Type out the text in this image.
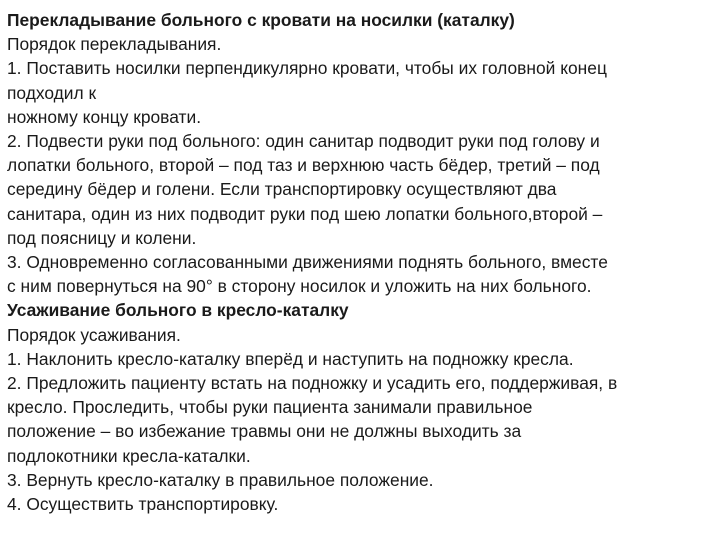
Перекладывание больного с кровати на носилки (каталку)
Порядок перекладывания.
1. Поставить носилки перпендикулярно кровати, чтобы их головной конец
подходил к
ножному концу кровати.
2. Подвести руки под больного: один санитар подводит руки под голову и
лопатки больного, второй – под таз и верхнюю часть бёдер, третий – под
середину бёдер и голени. Если транспортировку осуществляют два
санитара, один из них подводит руки под шею лопатки больного,второй –
под поясницу и колени.
3. Одновременно согласованными движениями поднять больного, вместе
с ним повернуться на 90° в сторону носилок и уложить на них больного.
Усаживание больного в кресло-каталку
Порядок усаживания.
1. Наклонить кресло-каталку вперёд и наступить на подножку кресла.
2. Предложить пациенту встать на подножку и усадить его, поддерживая, в
кресло. Проследить, чтобы руки пациента занимали правильное
положение – во избежание травмы они не должны выходить за
подлокотники кресла-каталки.
3. Вернуть кресло-каталку в правильное положение.
4. Осуществить транспортировку.
